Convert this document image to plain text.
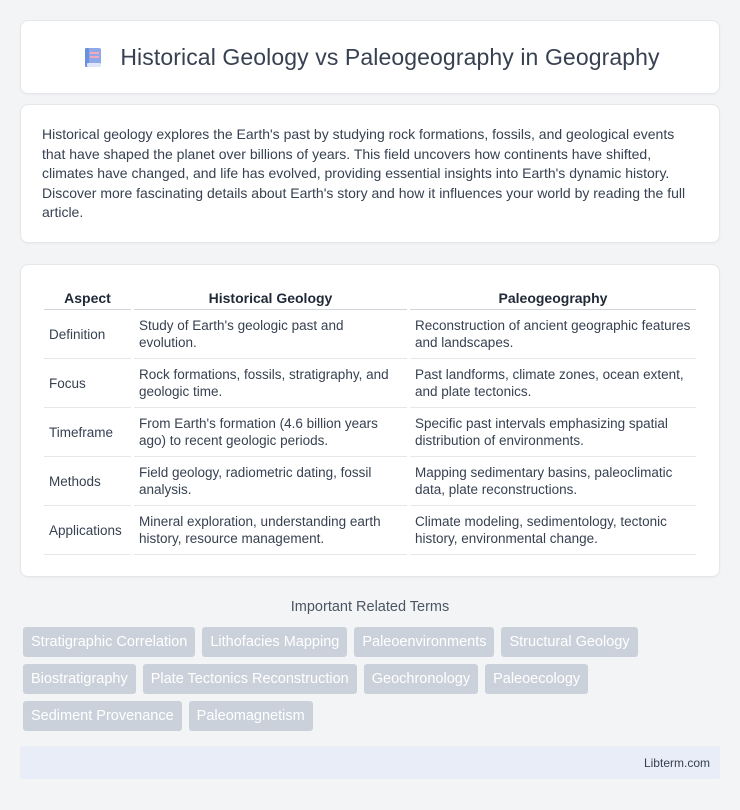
Historical Geology vs Paleogeography in Geography

Historical geology explores the Earth's past by studying rock formations, fossils, and geological events that have shaped the planet over billions of years. This field uncovers how continents have shifted, climates have changed, and life has evolved, providing essential insights into Earth's dynamic history. Discover more fascinating details about Earth's story and how it influences your world by reading the full article.

Aspect	Historical Geology	Paleogeography
Definition	Study of Earth's geologic past and evolution.	Reconstruction of ancient geographic features and landscapes.
Focus	Rock formations, fossils, stratigraphy, and geologic time.	Past landforms, climate zones, ocean extent, and plate tectonics.
Timeframe	From Earth's formation (4.6 billion years ago) to recent geologic periods.	Specific past intervals emphasizing spatial distribution of environments.
Methods	Field geology, radiometric dating, fossil analysis.	Mapping sedimentary basins, paleoclimatic data, plate reconstructions.
Applications	Mineral exploration, understanding earth history, resource management.	Climate modeling, sedimentology, tectonic history, environmental change.
Important Related Terms
Stratigraphic Correlation	Lithofacies Mapping	Paleoenvironments	Structural Geology
Biostratigraphy	Plate Tectonics Reconstruction	Geochronology	Paleoecology
Sediment Provenance	Paleomagnetism
Libterm.com
